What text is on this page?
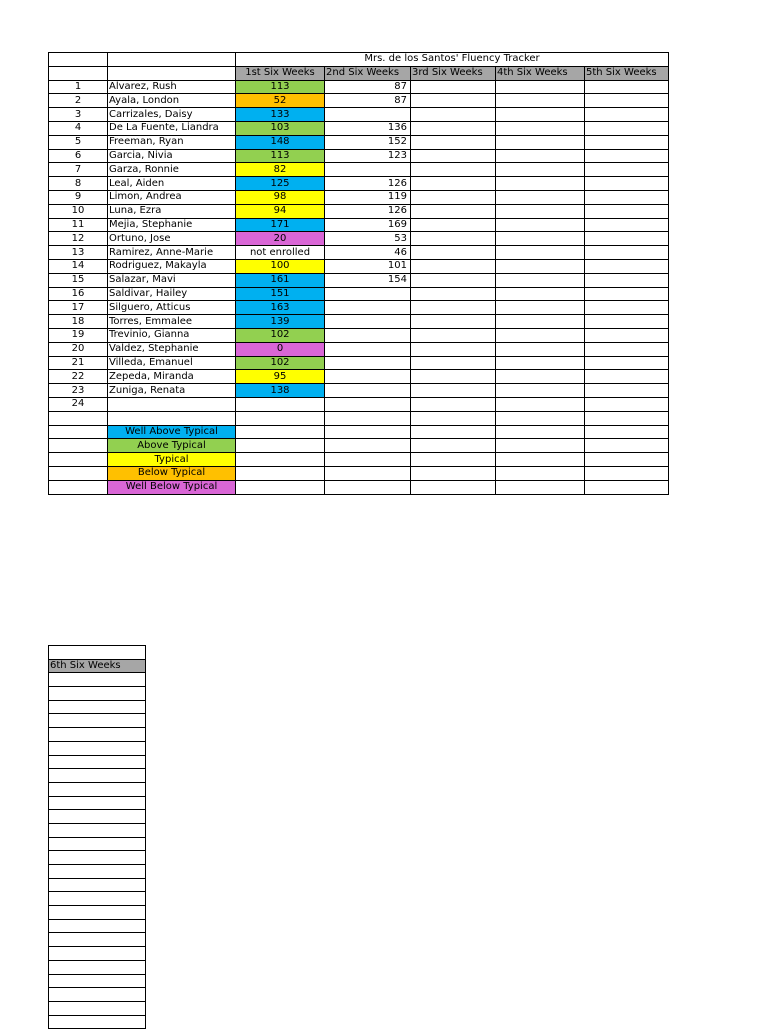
		Mrs. de los Santos' Fluency Tracker				
		1st Six Weeks	2nd Six Weeks	3rd Six Weeks	4th Six Weeks	5th Six Weeks
1	Alvarez, Rush	113	87			
2	Ayala, London	52	87			
3	Carrizales, Daisy	133				
4	De La Fuente, Liandra	103	136			
5	Freeman, Ryan	148	152			
6	Garcia, Nivia	113	123			
7	Garza, Ronnie	82				
8	Leal, Aiden	125	126			
9	Limon, Andrea	98	119			
10	Luna, Ezra	94	126			
11	Mejia, Stephanie	171	169			
12	Ortuno, Jose	20	53			
13	Ramirez, Anne-Marie	not enrolled	46			
14	Rodriguez, Makayla	100	101			
15	Salazar, Mavi	161	154			
16	Saldivar, Hailey	151				
17	Silguero, Atticus	163				
18	Torres, Emmalee	139				
19	Trevinio, Gianna	102				
20	Valdez, Stephanie	0				
21	Villeda, Emanuel	102				
22	Zepeda, Miranda	95				
23	Zuniga, Renata	138				
24						

	Well Above Typical					
	Above Typical					
	Typical					
	Below Typical					
	Well Below Typical					

6th Six Weeks
